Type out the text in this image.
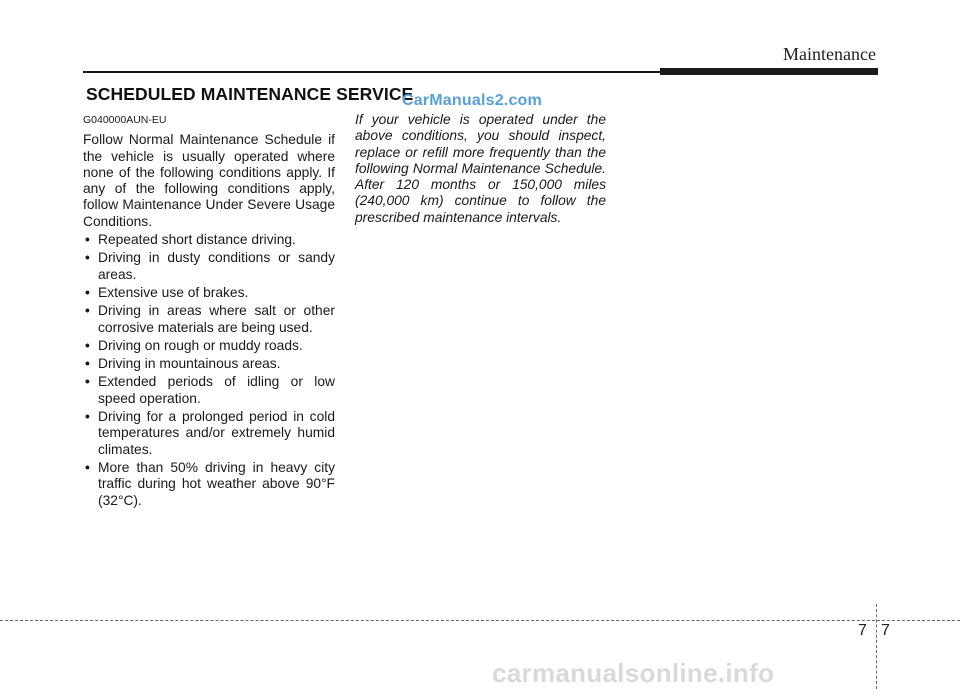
Maintenance
SCHEDULED MAINTENANCE SERVICE
CarManuals2.com
G040000AUN-EU

Follow Normal Maintenance Schedule if the vehicle is usually operated where none of the following conditions apply. If any of the following conditions apply, follow Maintenance Under Severe Usage Conditions.

• Repeated short distance driving.
• Driving in dusty conditions or sandy areas.
• Extensive use of brakes.
• Driving in areas where salt or other corrosive materials are being used.
• Driving on rough or muddy roads.
• Driving in mountainous areas.
• Extended periods of idling or low speed operation.
• Driving for a prolonged period in cold temperatures and/or extremely humid climates.
• More than 50% driving in heavy city traffic during hot weather above 90°F (32°C).
If your vehicle is operated under the above conditions, you should inspect, replace or refill more frequently than the following Normal Maintenance Schedule. After 120 months or 150,000 miles (240,000 km) continue to follow the prescribed maintenance intervals.
7 7
carmanualsonline.info
